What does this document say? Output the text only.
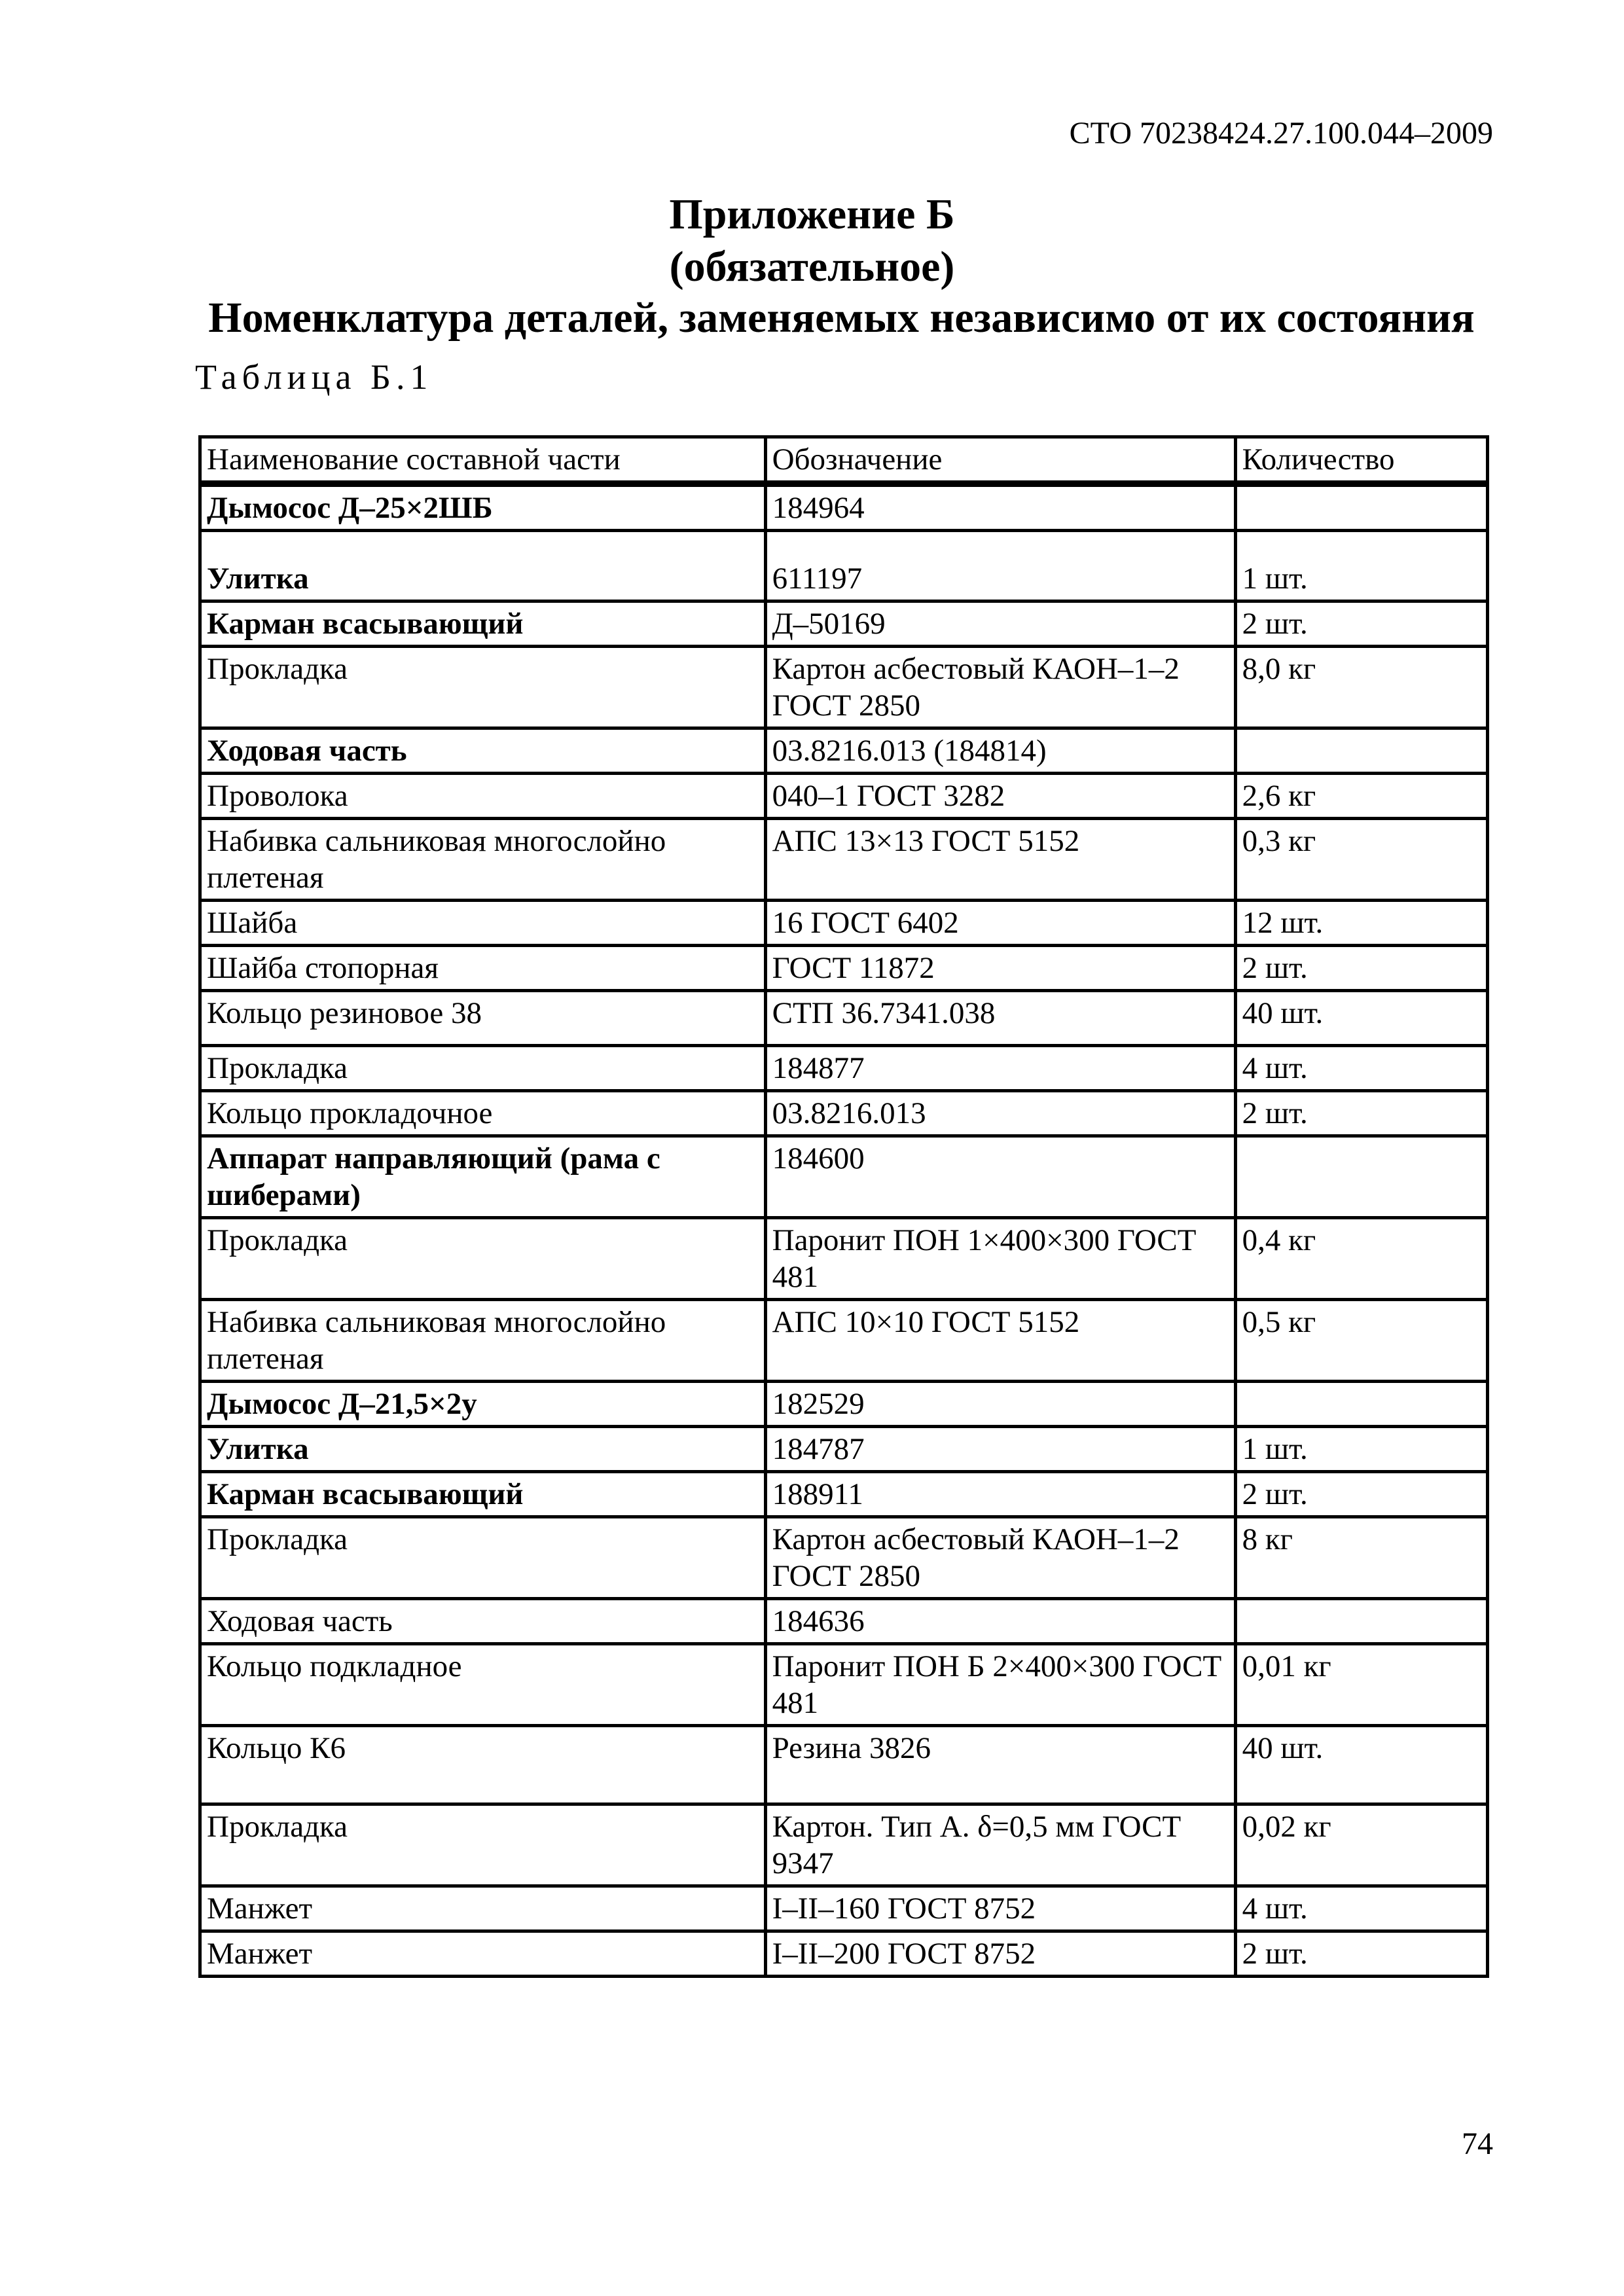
СТО 70238424.27.100.044–2009
Приложение Б
(обязательное)
Номенклатура деталей, заменяемых независимо от их состояния
Таблица Б.1
Наименование составной части	Обозначение	Количество
Дымосос Д–25×2ШБ	184964	
Улитка	611197	1 шт.
Карман всасывающий	Д–50169	2 шт.
Прокладка	Картон асбестовый КАОН–1–2 ГОСТ 2850	8,0 кг
Ходовая часть	03.8216.013 (184814)	
Проволока	040–1 ГОСТ 3282	2,6 кг
Набивка сальниковая многослойно плетеная	АПС 13×13 ГОСТ 5152	0,3 кг
Шайба	16 ГОСТ 6402	12 шт.
Шайба стопорная	ГОСТ 11872	2 шт.
Кольцо резиновое 38	СТП 36.7341.038	40 шт.
Прокладка	184877	4 шт.
Кольцо прокладочное	03.8216.013	2 шт.
Аппарат направляющий (рама с шиберами)	184600	
Прокладка	Паронит ПОН 1×400×300 ГОСТ 481	0,4 кг
Набивка сальниковая многослойно плетеная	АПС 10×10 ГОСТ 5152	0,5 кг
Дымосос Д–21,5×2у	182529	
Улитка	184787	1 шт.
Карман всасывающий	188911	2 шт.
Прокладка	Картон асбестовый КАОН–1–2 ГОСТ 2850	8 кг
Ходовая часть	184636	
Кольцо подкладное	Паронит ПОН Б 2×400×300 ГОСТ 481	0,01 кг
Кольцо К6	Резина 3826	40 шт.
Прокладка	Картон. Тип А. δ=0,5 мм ГОСТ 9347	0,02 кг
Манжет	I–II–160 ГОСТ 8752	4 шт.
Манжет	I–II–200 ГОСТ 8752	2 шт.
74
